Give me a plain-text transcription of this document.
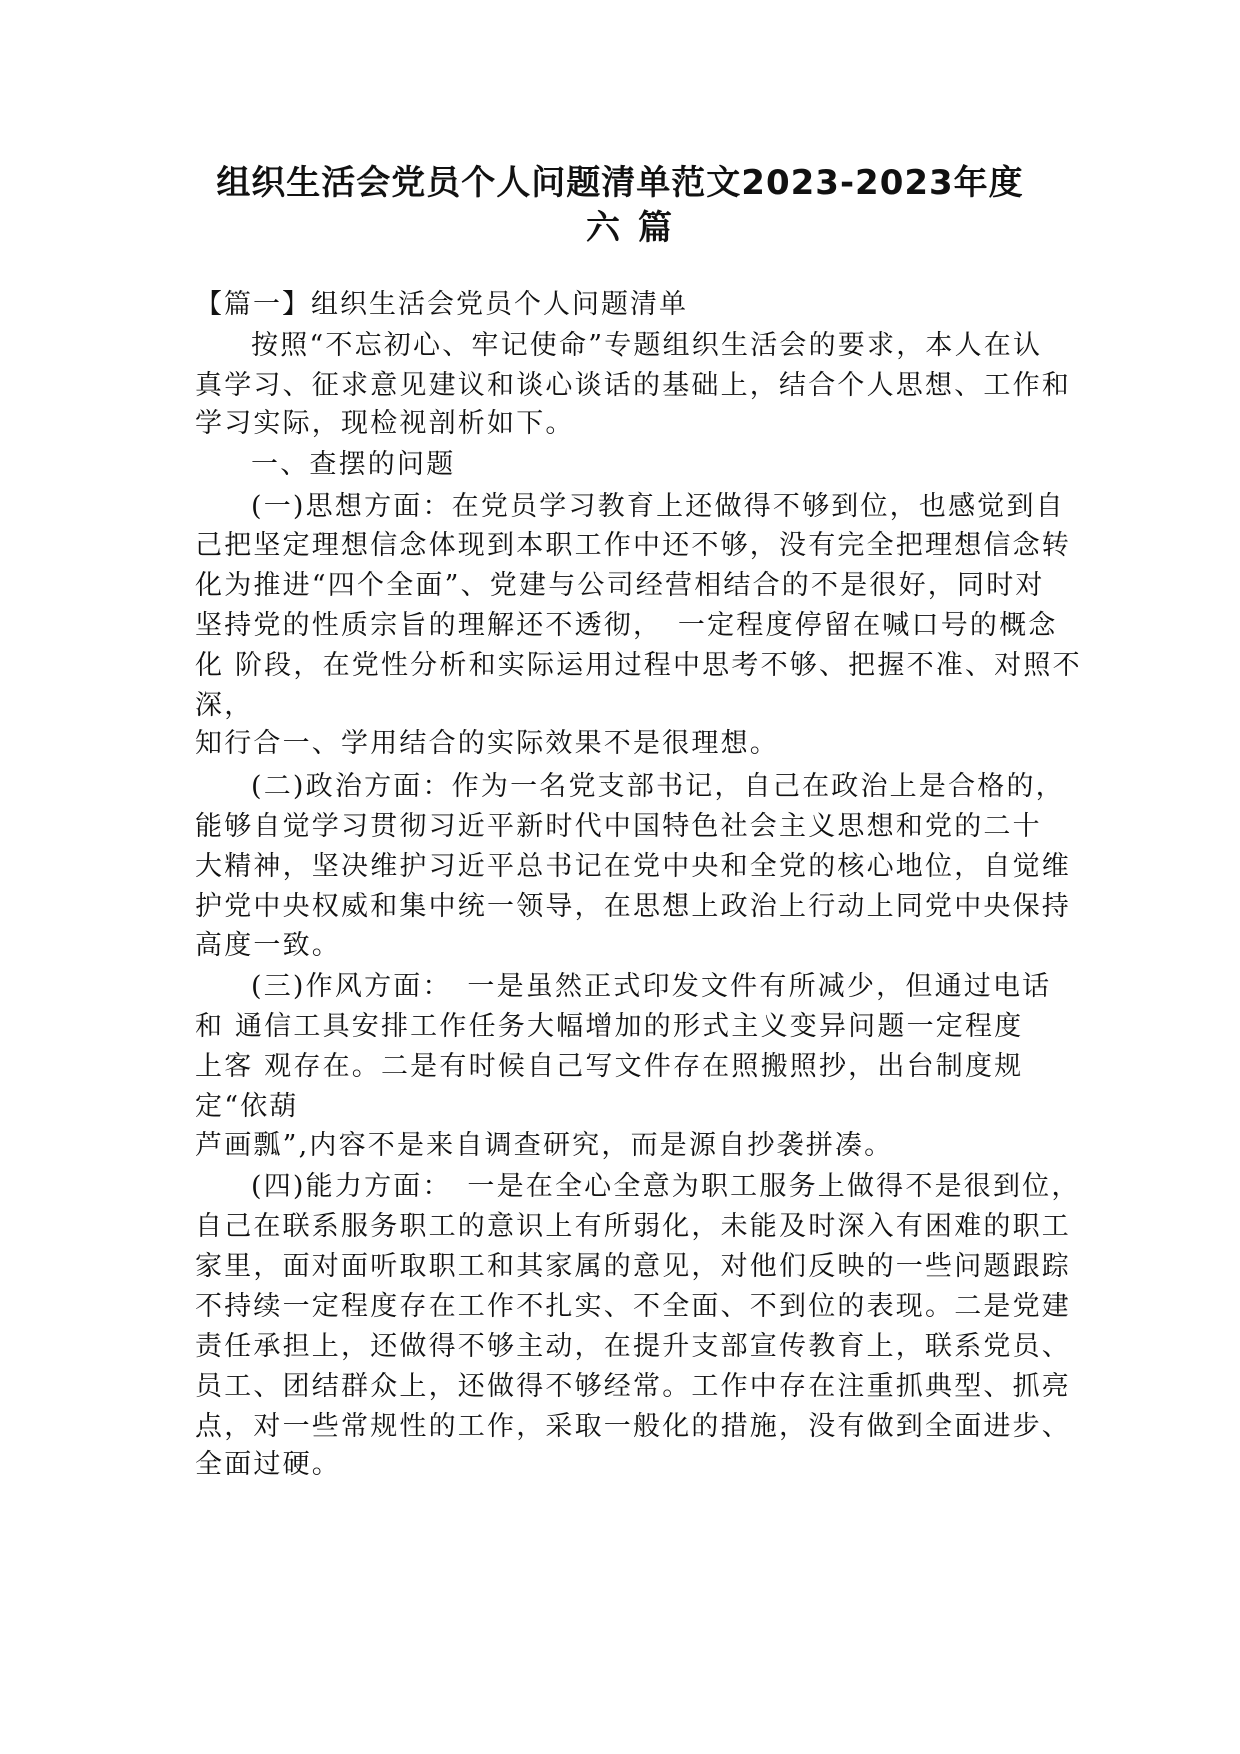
组织生活会党员个人问题清单范文2023-2023年度
六篇
【篇一】组织生活会党员个人问题清单
按照“不忘初心、牢记使命”专题组织生活会的要求，本人在认
真学习、征求意见建议和谈心谈话的基础上，结合个人思想、工作和
学习实际，现检视剖析如下。
一、查摆的问题
(一)思想方面：在党员学习教育上还做得不够到位，也感觉到自
己把坚定理想信念体现到本职工作中还不够，没有完全把理想信念转
化为推进“四个全面”、党建与公司经营相结合的不是很好，同时对
坚持党的性质宗旨的理解还不透彻，　一定程度停留在喊口号的概念
化 阶段，在党性分析和实际运用过程中思考不够、把握不准、对照不
深，
知行合一、学用结合的实际效果不是很理想。
(二)政治方面：作为一名党支部书记，自己在政治上是合格的，
能够自觉学习贯彻习近平新时代中国特色社会主义思想和党的二十
大精神，坚决维护习近平总书记在党中央和全党的核心地位，自觉维
护党中央权威和集中统一领导，在思想上政治上行动上同党中央保持
高度一致。
(三)作风方面：　一是虽然正式印发文件有所减少，但通过电话
和 通信工具安排工作任务大幅增加的形式主义变异问题一定程度
上客 观存在。二是有时候自己写文件存在照搬照抄，出台制度规
定“依葫
芦画瓢”,内容不是来自调查研究，而是源自抄袭拼凑。
(四)能力方面：　一是在全心全意为职工服务上做得不是很到位，
自己在联系服务职工的意识上有所弱化，未能及时深入有困难的职工
家里，面对面听取职工和其家属的意见，对他们反映的一些问题跟踪
不持续一定程度存在工作不扎实、不全面、不到位的表现。二是党建
责任承担上，还做得不够主动，在提升支部宣传教育上，联系党员、
员工、团结群众上，还做得不够经常。工作中存在注重抓典型、抓亮
点，对一些常规性的工作，采取一般化的措施，没有做到全面进步、
全面过硬。
